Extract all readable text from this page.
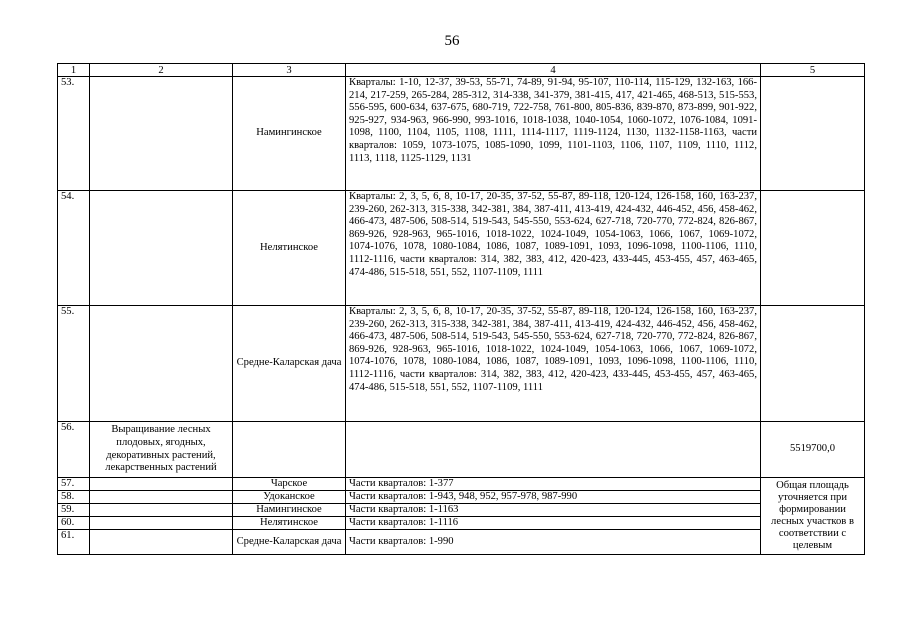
56
1	2	3	4	5
53.		Намингинское	Кварталы: 1-10, 12-37, 39-53, 55-71, 74-89, 91-94, 95-107, 110-114, 115-129, 132-163, 166-214, 217-259, 265-284, 285-312, 314-338, 341-379, 381-415, 417, 421-465, 468-513, 515-553, 556-595, 600-634, 637-675, 680-719, 722-758, 761-800, 805-836, 839-870, 873-899, 901-922, 925-927, 934-963, 966-990, 993-1016, 1018-1038, 1040-1054, 1060-1072, 1076-1084, 1091-1098, 1100, 1104, 1105, 1108, 1111, 1114-1117, 1119-1124, 1130, 1132-1158-1163, части кварталов: 1059, 1073-1075, 1085-1090, 1099, 1101-1103, 1106, 1107, 1109, 1110, 1112, 1113, 1118, 1125-1129, 1131	
54.		Нелятинское	Кварталы: 2, 3, 5, 6, 8, 10-17, 20-35, 37-52, 55-87, 89-118, 120-124, 126-158, 160, 163-237, 239-260, 262-313, 315-338, 342-381, 384, 387-411, 413-419, 424-432, 446-452, 456, 458-462, 466-473, 487-506, 508-514, 519-543, 545-550, 553-624, 627-718, 720-770, 772-824, 826-867, 869-926, 928-963, 965-1016, 1018-1022, 1024-1049, 1054-1063, 1066, 1067, 1069-1072, 1074-1076, 1078, 1080-1084, 1086, 1087, 1089-1091, 1093, 1096-1098, 1100-1106, 1110, 1112-1116, части кварталов: 314, 382, 383, 412, 420-423, 433-445, 453-455, 457, 463-465, 474-486, 515-518, 551, 552, 1107-1109, 1111	
55.		Средне-Каларская дача	Кварталы: 2, 3, 5, 6, 8, 10-17, 20-35, 37-52, 55-87, 89-118, 120-124, 126-158, 160, 163-237, 239-260, 262-313, 315-338, 342-381, 384, 387-411, 413-419, 424-432, 446-452, 456, 458-462, 466-473, 487-506, 508-514, 519-543, 545-550, 553-624, 627-718, 720-770, 772-824, 826-867, 869-926, 928-963, 965-1016, 1018-1022, 1024-1049, 1054-1063, 1066, 1067, 1069-1072, 1074-1076, 1078, 1080-1084, 1086, 1087, 1089-1091, 1093, 1096-1098, 1100-1106, 1110, 1112-1116, части кварталов: 314, 382, 383, 412, 420-423, 433-445, 453-455, 457, 463-465, 474-486, 515-518, 551, 552, 1107-1109, 1111	
56.	Выращивание лесных плодовых, ягодных, декоративных растений, лекарственных растений			5519700,0
57.		Чарское	Части кварталов: 1-377	Общая площадь уточняется при формировании лесных участков в соответствии с целевым
58.		Удоканское	Части кварталов: 1-943, 948, 952, 957-978, 987-990	
59.		Намингинское	Части кварталов: 1-1163	
60.		Нелятинское	Части кварталов: 1-1116	
61.		Средне-Каларская дача	Части кварталов: 1-990	
